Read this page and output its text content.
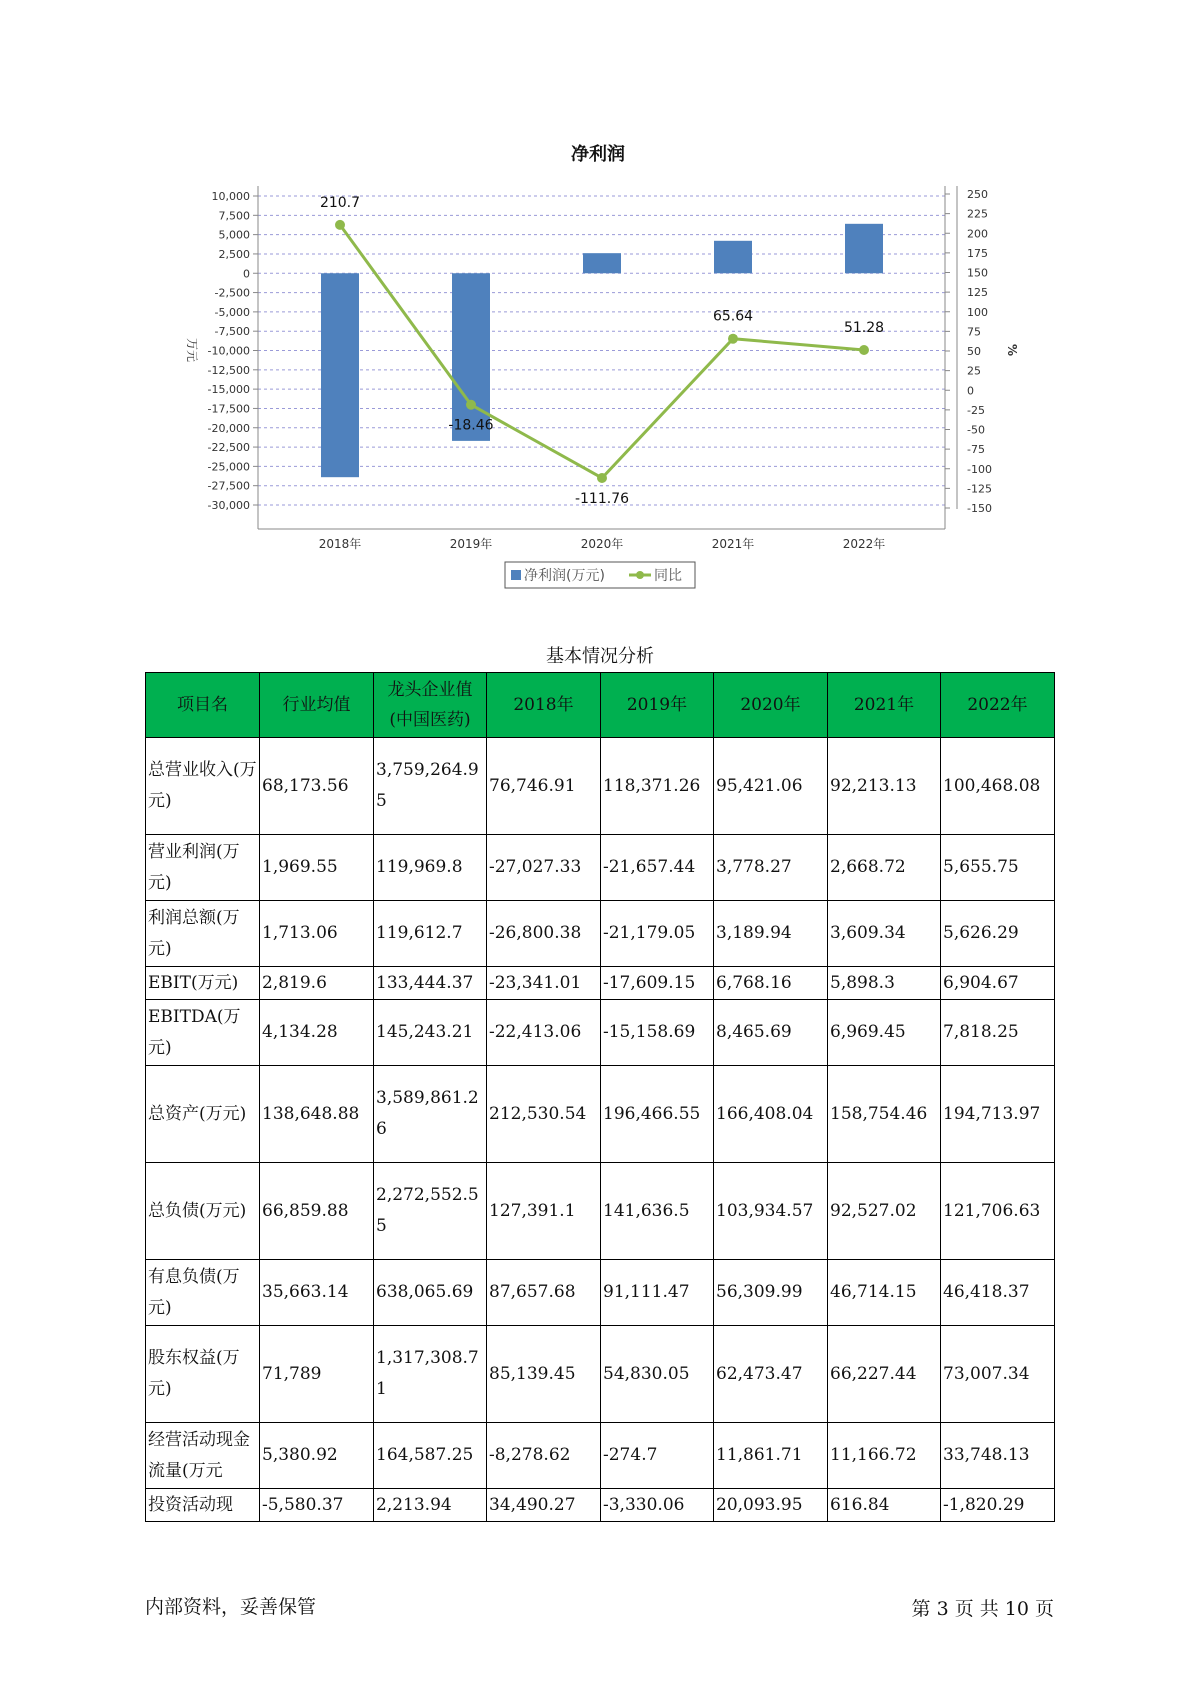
净利润
10,000
7,500
5,000
2,500
0
-2,500
-5,000
-7,500
-10,000
-12,500
-15,000
-17,500
-20,000
-22,500
-25,000
-27,500
-30,000
250
225
200
175
150
125
100
75
50
25
0
-25
-50
-75
-100
-125
-150
万元	%
2018年	2019年	2020年	2021年	2022年
210.7
-18.46
-111.76
65.64
51.28
净利润(万元)	同比
基本情况分析
项目名	行业均值	龙头企业值(中国医药)	2018年	2019年	2020年	2021年	2022年
总营业收入(万元)	68,173.56	3,759,264.95	76,746.91	118,371.26	95,421.06	92,213.13	100,468.08
营业利润(万元)	1,969.55	119,969.8	-27,027.33	-21,657.44	3,778.27	2,668.72	5,655.75
利润总额(万元)	1,713.06	119,612.7	-26,800.38	-21,179.05	3,189.94	3,609.34	5,626.29
EBIT(万元)	2,819.6	133,444.37	-23,341.01	-17,609.15	6,768.16	5,898.3	6,904.67
EBITDA(万元)	4,134.28	145,243.21	-22,413.06	-15,158.69	8,465.69	6,969.45	7,818.25
总资产(万元)	138,648.88	3,589,861.26	212,530.54	196,466.55	166,408.04	158,754.46	194,713.97
总负债(万元)	66,859.88	2,272,552.55	127,391.1	141,636.5	103,934.57	92,527.02	121,706.63
有息负债(万元)	35,663.14	638,065.69	87,657.68	91,111.47	56,309.99	46,714.15	46,418.37
股东权益(万元)	71,789	1,317,308.71	85,139.45	54,830.05	62,473.47	66,227.44	73,007.34
经营活动现金流量(万元	5,380.92	164,587.25	-8,278.62	-274.7	11,861.71	11,166.72	33,748.13
投资活动现	-5,580.37	2,213.94	34,490.27	-3,330.06	20,093.95	616.84	-1,820.29
内部资料，妥善保管	第 3 页 共 10 页
